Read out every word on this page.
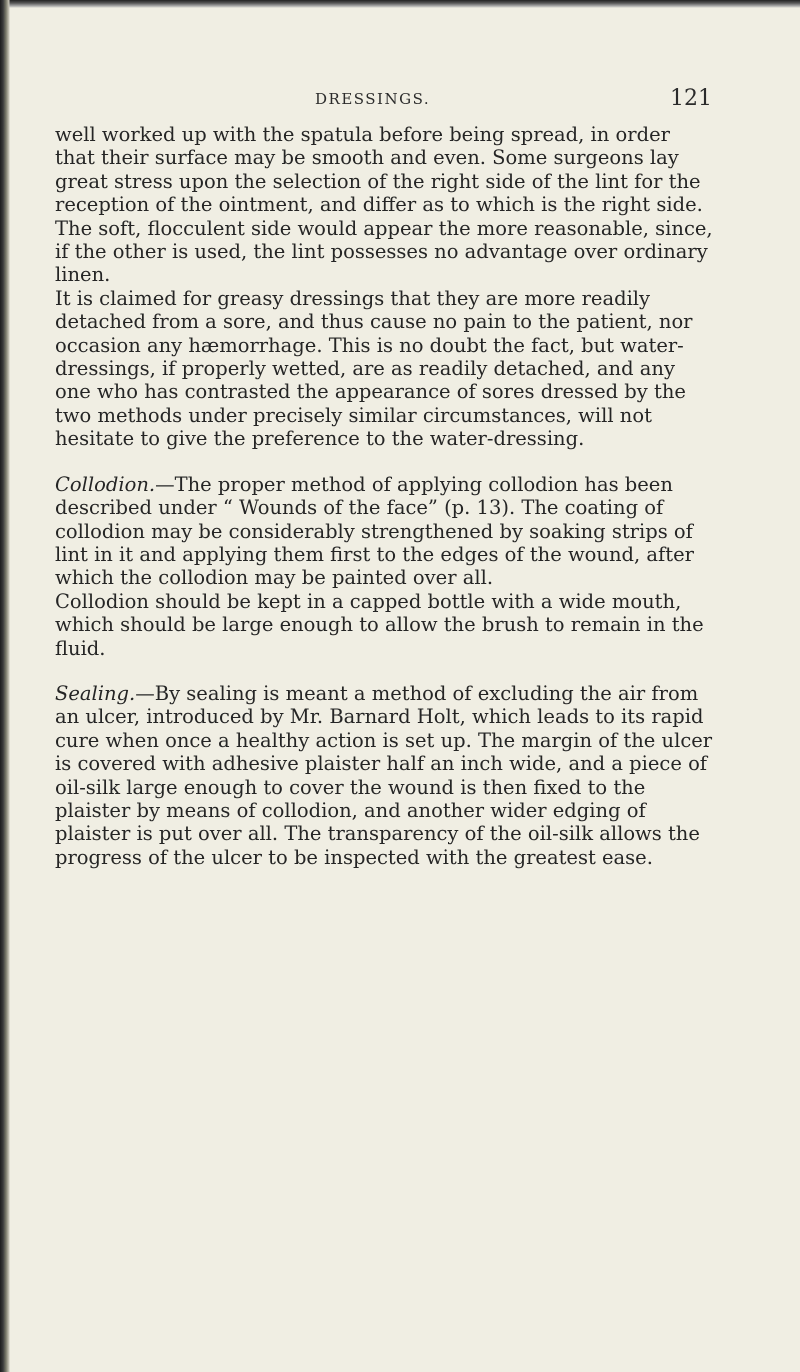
DRESSINGS.	121

well worked up with the spatula before being spread, in order that their surface may be smooth and even. Some surgeons lay great stress upon the selection of the right side of the lint for the reception of the ointment, and differ as to which is the right side. The soft, flocculent side would appear the more reasonable, since, if the other is used, the lint possesses no advantage over ordinary linen.

It is claimed for greasy dressings that they are more readily detached from a sore, and thus cause no pain to the patient, nor occasion any hæmorrhage. This is no doubt the fact, but water-dressings, if properly wetted, are as readily detached, and any one who has contrasted the appearance of sores dressed by the two methods under precisely similar circumstances, will not hesitate to give the preference to the water-dressing.

Collodion.—The proper method of applying collodion has been described under “ Wounds of the face” (p. 13). The coating of collodion may be considerably strengthened by soaking strips of lint in it and applying them first to the edges of the wound, after which the collodion may be painted over all.

Collodion should be kept in a capped bottle with a wide mouth, which should be large enough to allow the brush to remain in the fluid.

Sealing.—By sealing is meant a method of excluding the air from an ulcer, introduced by Mr. Barnard Holt, which leads to its rapid cure when once a healthy action is set up. The margin of the ulcer is covered with adhesive plaister half an inch wide, and a piece of oil-silk large enough to cover the wound is then fixed to the plaister by means of collodion, and another wider edging of plaister is put over all. The transparency of the oil-silk allows the progress of the ulcer to be inspected with the greatest ease.
